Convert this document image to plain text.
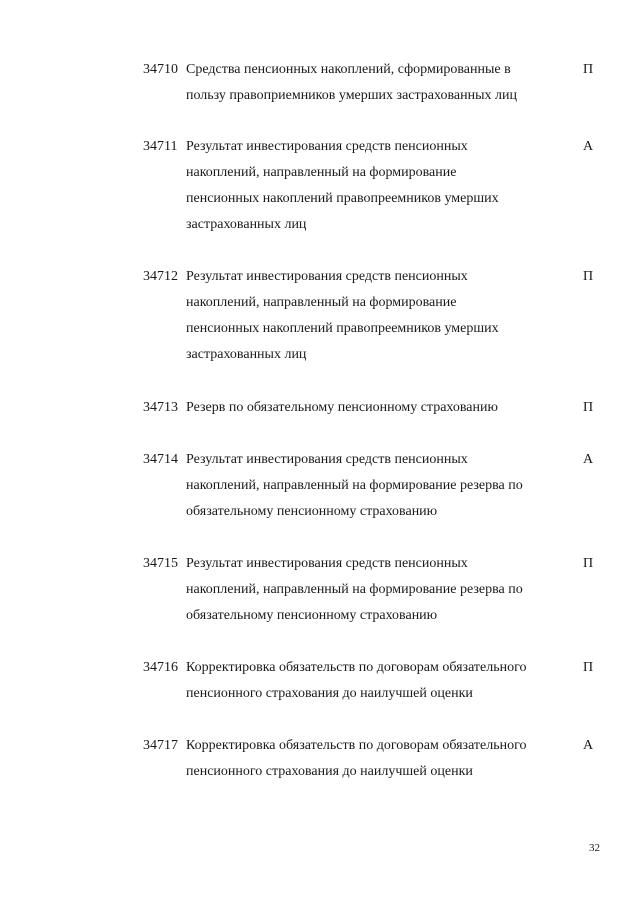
34710 Средства пенсионных накоплений, сформированные в
пользу правоприемников умерших застрахованных лиц
П
34711 Результат инвестирования средств пенсионных
накоплений, направленный на формирование
пенсионных накоплений правопреемников умерших
застрахованных лиц
А
34712 Результат инвестирования средств пенсионных
накоплений, направленный на формирование
пенсионных накоплений правопреемников умерших
застрахованных лиц
П
34713 Резерв по обязательному пенсионному страхованию	П
34714 Результат инвестирования средств пенсионных
накоплений, направленный на формирование резерва по
обязательному пенсионному страхованию
А
34715 Результат инвестирования средств пенсионных
накоплений, направленный на формирование резерва по
обязательному пенсионному страхованию
П
34716 Корректировка обязательств по договорам обязательного
пенсионного страхования до наилучшей оценки
П
34717 Корректировка обязательств по договорам обязательного
пенсионного страхования до наилучшей оценки
А
32
